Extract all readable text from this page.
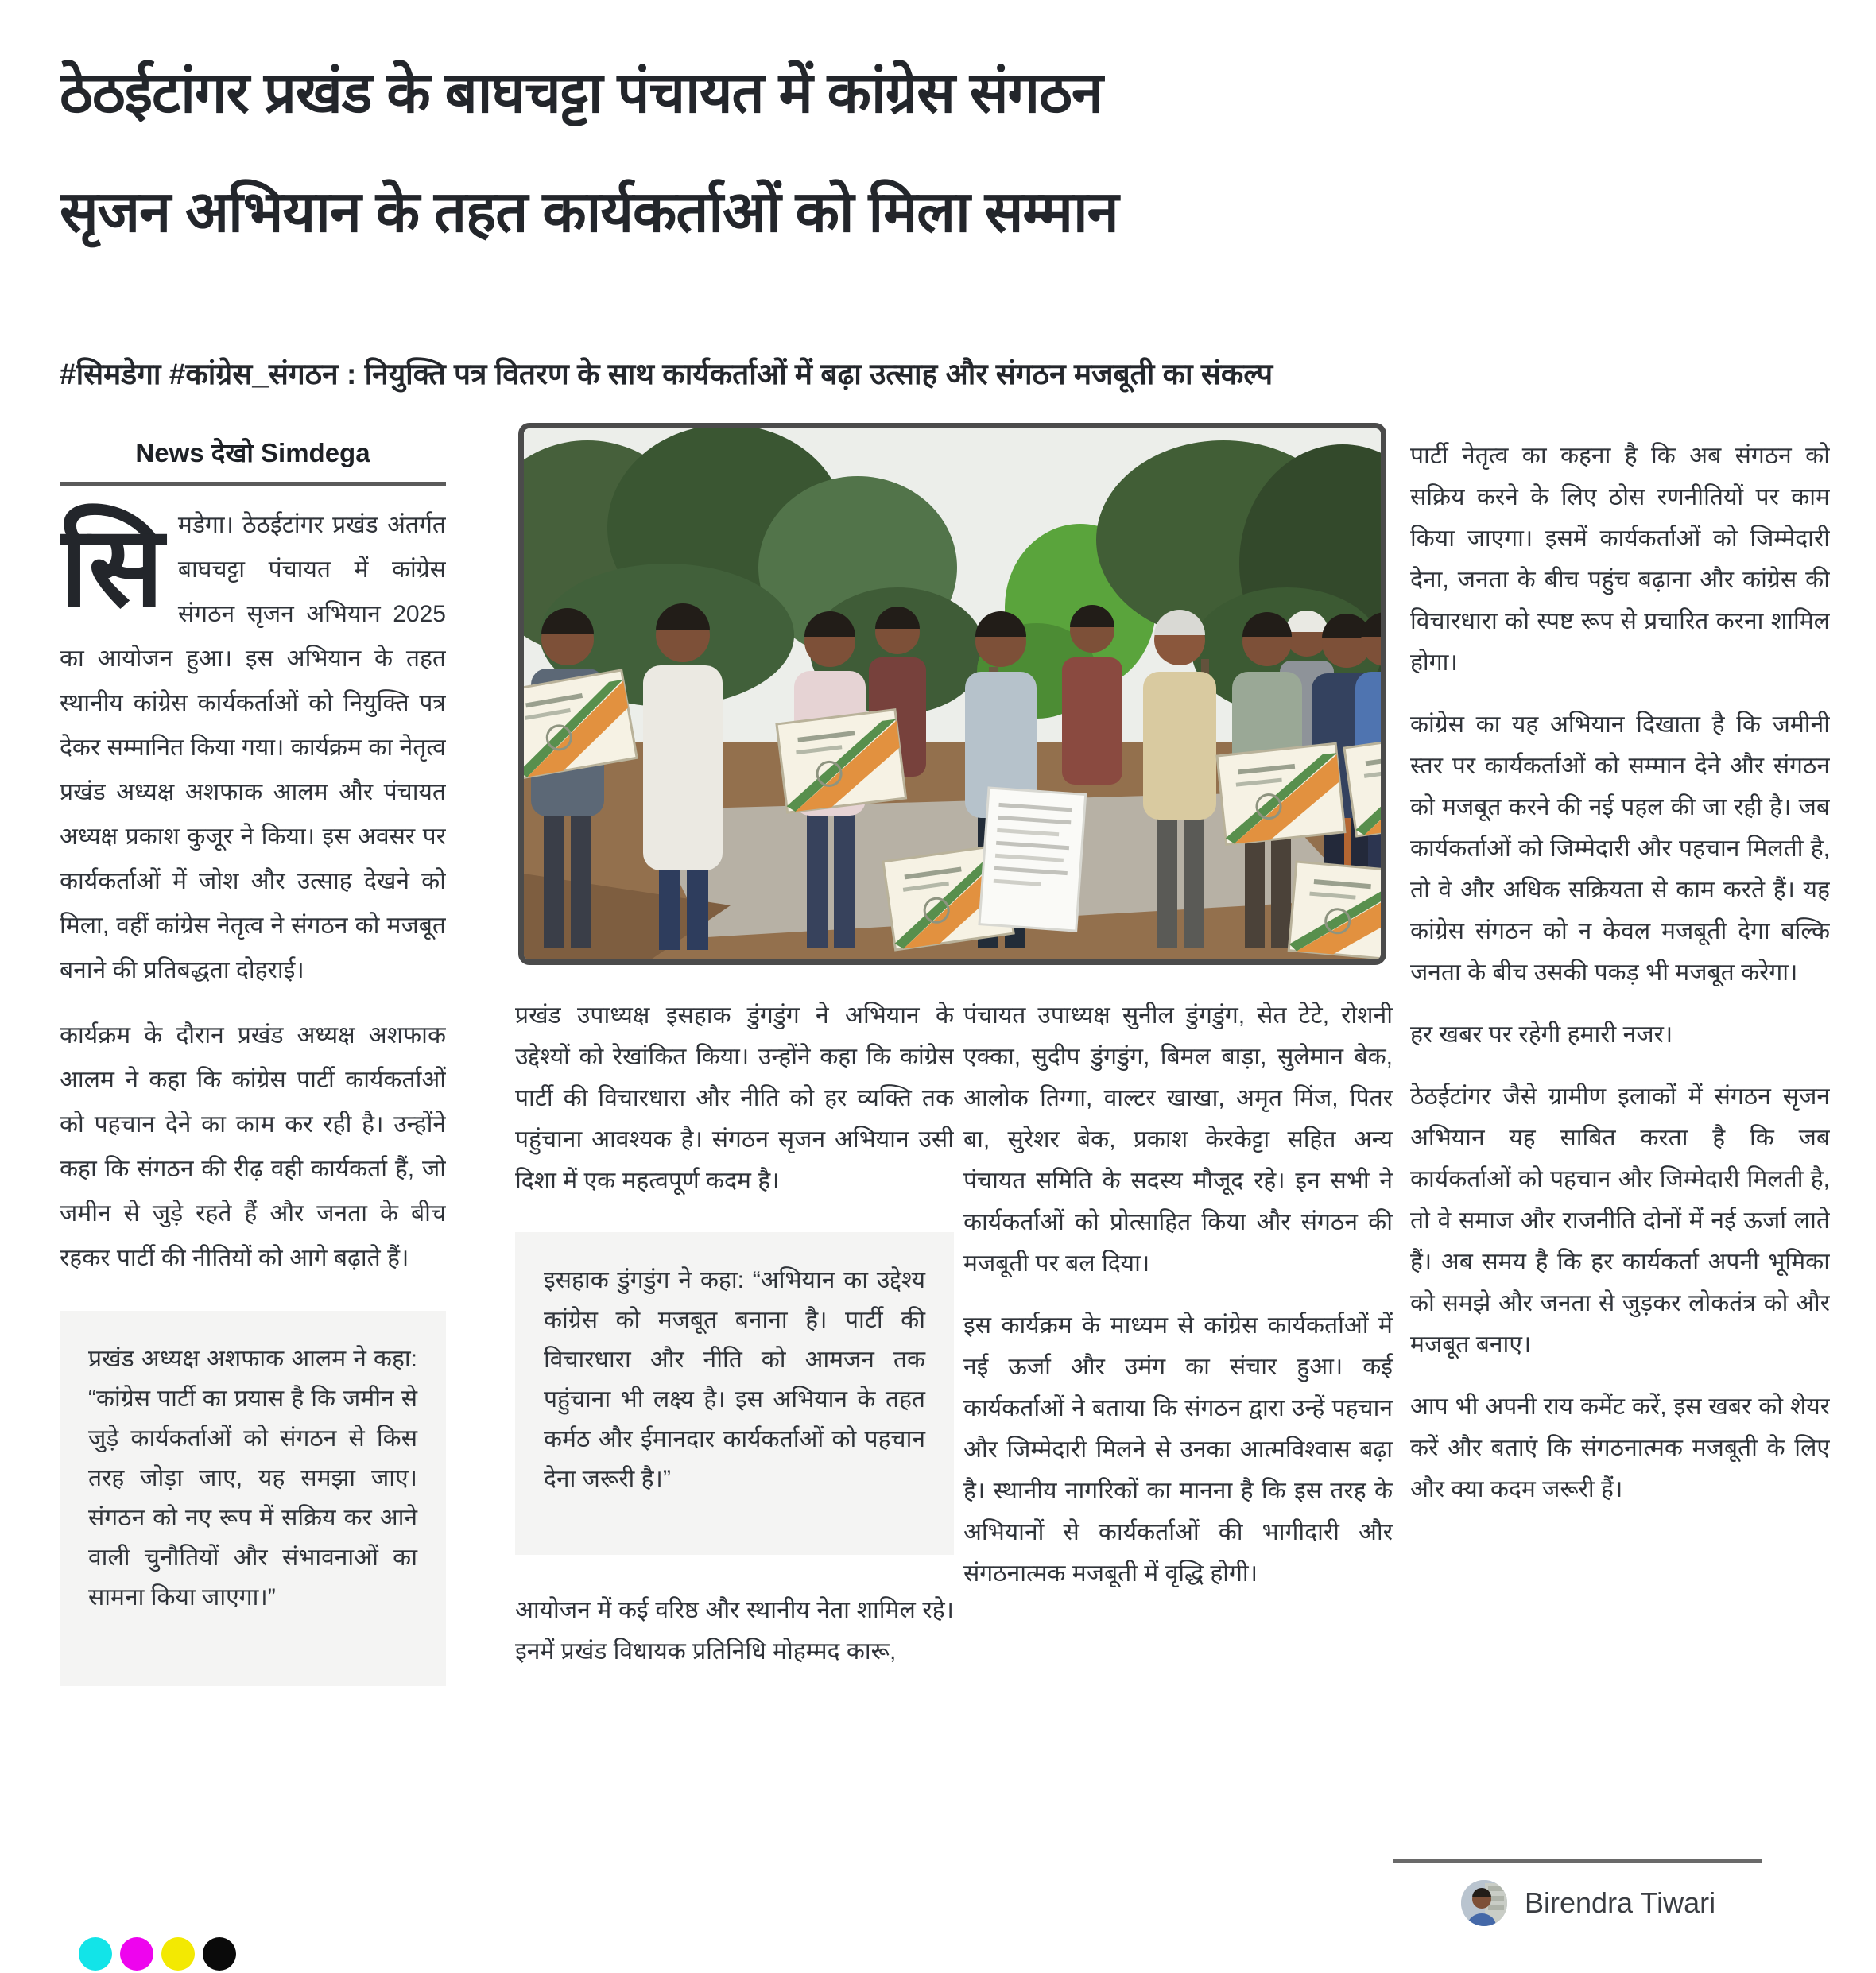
ठेठईटांगर प्रखंड के बाघचट्टा पंचायत में कांग्रेस संगठन
सृजन अभियान के तहत कार्यकर्ताओं को मिला सम्मान
#सिमडेगा #कांग्रेस_संगठन : नियुक्ति पत्र वितरण के साथ कार्यकर्ताओं में बढ़ा उत्साह और संगठन मजबूती का संकल्प
News देखो Simdega

सिमडेगा। ठेठईटांगर प्रखंड अंतर्गत बाघचट्टा पंचायत में कांग्रेस संगठन सृजन अभियान 2025 का आयोजन हुआ। इस अभियान के तहत स्थानीय कांग्रेस कार्यकर्ताओं को नियुक्ति पत्र देकर सम्मानित किया गया। कार्यक्रम का नेतृत्व प्रखंड अध्यक्ष अशफाक आलम और पंचायत अध्यक्ष प्रकाश कुजूर ने किया। इस अवसर पर कार्यकर्ताओं में जोश और उत्साह देखने को मिला, वहीं कांग्रेस नेतृत्व ने संगठन को मजबूत बनाने की प्रतिबद्धता दोहराई।

कार्यक्रम के दौरान प्रखंड अध्यक्ष अशफाक आलम ने कहा कि कांग्रेस पार्टी कार्यकर्ताओं को पहचान देने का काम कर रही है। उन्होंने कहा कि संगठन की रीढ़ वही कार्यकर्ता हैं, जो जमीन से जुड़े रहते हैं और जनता के बीच रहकर पार्टी की नीतियों को आगे बढ़ाते हैं।

प्रखंड अध्यक्ष अशफाक आलम ने कहा: “कांग्रेस पार्टी का प्रयास है कि जमीन से जुड़े कार्यकर्ताओं को संगठन से किस तरह जोड़ा जाए, यह समझा जाए। संगठन को नए रूप में सक्रिय कर आने वाली चुनौतियों और संभावनाओं का सामना किया जाएगा।”

प्रखंड उपाध्यक्ष इसहाक डुंगडुंग ने अभियान के उद्देश्यों को रेखांकित किया। उन्होंने कहा कि कांग्रेस पार्टी की विचारधारा और नीति को हर व्यक्ति तक पहुंचाना आवश्यक है। संगठन सृजन अभियान उसी दिशा में एक महत्वपूर्ण कदम है।

इसहाक डुंगडुंग ने कहा: “अभियान का उद्देश्य कांग्रेस को मजबूत बनाना है। पार्टी की विचारधारा और नीति को आमजन तक पहुंचाना भी लक्ष्य है। इस अभियान के तहत कर्मठ और ईमानदार कार्यकर्ताओं को पहचान देना जरूरी है।”

आयोजन में कई वरिष्ठ और स्थानीय नेता शामिल रहे। इनमें प्रखंड विधायक प्रतिनिधि मोहम्मद कारू,

पंचायत उपाध्यक्ष सुनील डुंगडुंग, सेत टेटे, रोशनी एक्का, सुदीप डुंगडुंग, बिमल बाड़ा, सुलेमान बेक, आलोक तिग्गा, वाल्टर खाखा, अमृत मिंज, पितर बा, सुरेशर बेक, प्रकाश केरकेट्टा सहित अन्य पंचायत समिति के सदस्य मौजूद रहे। इन सभी ने कार्यकर्ताओं को प्रोत्साहित किया और संगठन की मजबूती पर बल दिया।

इस कार्यक्रम के माध्यम से कांग्रेस कार्यकर्ताओं में नई ऊर्जा और उमंग का संचार हुआ। कई कार्यकर्ताओं ने बताया कि संगठन द्वारा उन्हें पहचान और जिम्मेदारी मिलने से उनका आत्मविश्वास बढ़ा है। स्थानीय नागरिकों का मानना है कि इस तरह के अभियानों से कार्यकर्ताओं की भागीदारी और संगठनात्मक मजबूती में वृद्धि होगी।

पार्टी नेतृत्व का कहना है कि अब संगठन को सक्रिय करने के लिए ठोस रणनीतियों पर काम किया जाएगा। इसमें कार्यकर्ताओं को जिम्मेदारी देना, जनता के बीच पहुंच बढ़ाना और कांग्रेस की विचारधारा को स्पष्ट रूप से प्रचारित करना शामिल होगा।

कांग्रेस का यह अभियान दिखाता है कि जमीनी स्तर पर कार्यकर्ताओं को सम्मान देने और संगठन को मजबूत करने की नई पहल की जा रही है। जब कार्यकर्ताओं को जिम्मेदारी और पहचान मिलती है, तो वे और अधिक सक्रियता से काम करते हैं। यह कांग्रेस संगठन को न केवल मजबूती देगा बल्कि जनता के बीच उसकी पकड़ भी मजबूत करेगा।

हर खबर पर रहेगी हमारी नजर।

ठेठईटांगर जैसे ग्रामीण इलाकों में संगठन सृजन अभियान यह साबित करता है कि जब कार्यकर्ताओं को पहचान और जिम्मेदारी मिलती है, तो वे समाज और राजनीति दोनों में नई ऊर्जा लाते हैं। अब समय है कि हर कार्यकर्ता अपनी भूमिका को समझे और जनता से जुड़कर लोकतंत्र को और मजबूत बनाए।

आप भी अपनी राय कमेंट करें, इस खबर को शेयर करें और बताएं कि संगठनात्मक मजबूती के लिए और क्या कदम जरूरी हैं।

Birendra Tiwari
